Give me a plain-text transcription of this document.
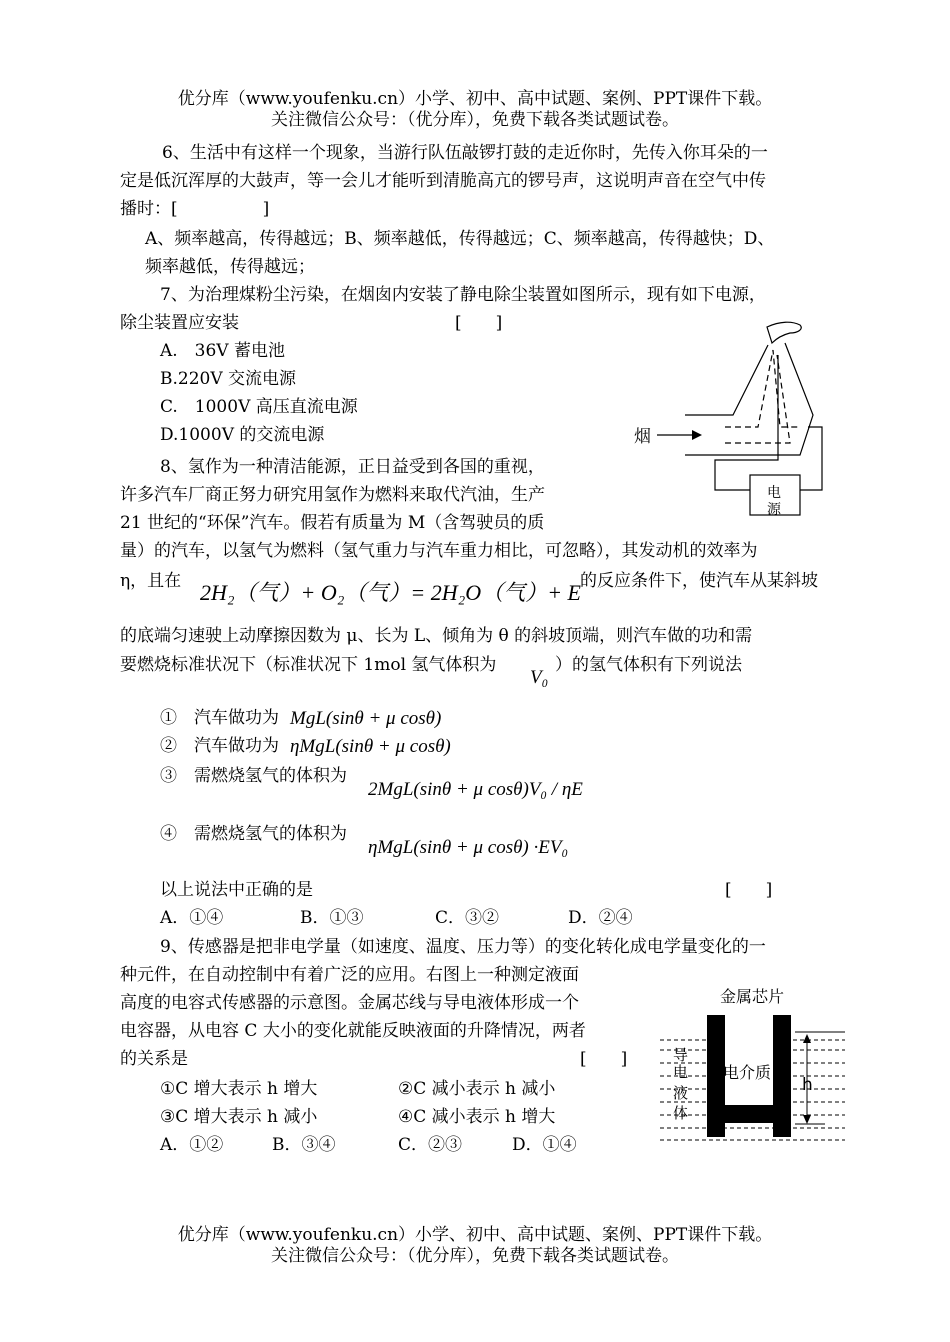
优分库（www.youfenku.cn）小学、初中、高中试题、案例、PPT课件下载。
关注微信公众号：（优分库），免费下载各类试题试卷。
6、生活中有这样一个现象，当游行队伍敲锣打鼓的走近你时，先传入你耳朵的一
定是低沉浑厚的大鼓声，等一会儿才能听到清脆高亢的锣号声，这说明声音在空气中传
播时：[　　　　　]
A、频率越高，传得越远；B、频率越低，传得越远；C、频率越高，传得越快；D、
频率越低，传得越远；
7、为治理煤粉尘污染，在烟囱内安装了静电除尘装置如图所示，现有如下电源，
除尘装置应安装	[　　]
A.　36V 蓄电池
B.220V 交流电源
C.　1000V 高压直流电源
D.1000V 的交流电源	烟
电
源
8、氢作为一种清洁能源，正日益受到各国的重视，
许多汽车厂商正努力研究用氢作为燃料来取代汽油，生产
21 世纪的“环保”汽车。假若有质量为 M（含驾驶员的质
量）的汽车，以氢气为燃料（氢气重力与汽车重力相比，可忽略），其发动机的效率为
η，且在 2H₂（气）+ O₂（气）= 2H₂O（气）+ E 的反应条件下，使汽车从某斜坡
的底端匀速驶上动摩擦因数为 μ、长为 L、倾角为 θ 的斜坡顶端，则汽车做的功和需
要燃烧标准状况下（标准状况下 1mol 氢气体积为
V₀
）的氢气体积有下列说法
①　汽车做功为 MgL(sinθ + μ cosθ)
②　汽车做功为 ηMgL(sinθ + μ cosθ)
③　需燃烧氢气的体积为
2MgL(sinθ + μ cosθ)V₀ / ηE
④　需燃烧氢气的体积为
ηMgL(sinθ + μ cosθ) ·EV₀
以上说法中正确的是	[　　]
A．①④	B．①③	C．③②	D．②④
9、传感器是把非电学量（如速度、温度、压力等）的变化转化成电学量变化的一
种元件，在自动控制中有着广泛的应用。右图上一种测定液面
高度的电容式传感器的示意图。金属芯线与导电液体形成一个
电容器，从电容 C 大小的变化就能反映液面的升降情况，两者
的关系是	[　　]
①C 增大表示 h 增大	②C 减小表示 h 减小
③C 增大表示 h 减小	④C 减小表示 h 增大
A．①②	B．③④	C．②③	D．①④
金属芯片
电介质
导
电
液
体
h
优分库（www.youfenku.cn）小学、初中、高中试题、案例、PPT课件下载。
关注微信公众号：（优分库），免费下载各类试题试卷。
